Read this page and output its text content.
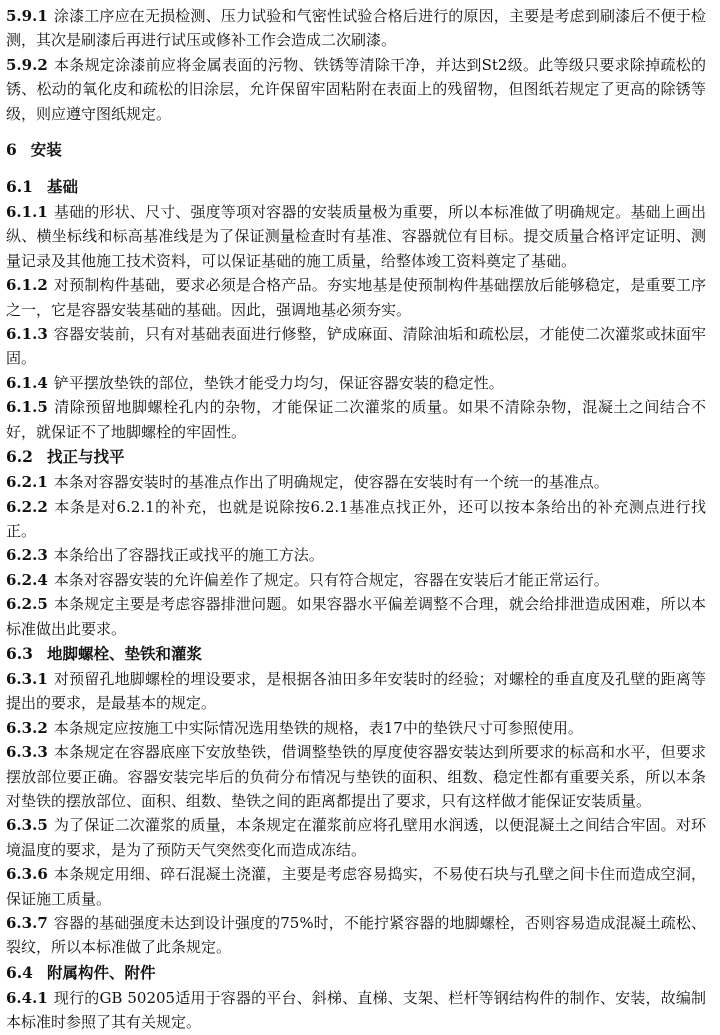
5.9.1 涂漆工序应在无损检测、压力试验和气密性试验合格后进行的原因，主要是考虑到刷漆后不便于检测，其次是刷漆后再进行试压或修补工作会造成二次刷漆。
5.9.2 本条规定涂漆前应将金属表面的污物、铁锈等清除干净，并达到St2级。此等级只要求除掉疏松的锈、松动的氧化皮和疏松的旧涂层，允许保留牢固粘附在表面上的残留物，但图纸若规定了更高的除锈等级，则应遵守图纸规定。
6 安装
6.1 基础
6.1.1 基础的形状、尺寸、强度等项对容器的安装质量极为重要，所以本标准做了明确规定。基础上画出纵、横坐标线和标高基准线是为了保证测量检查时有基准、容器就位有目标。提交质量合格评定证明、测量记录及其他施工技术资料，可以保证基础的施工质量，给整体竣工资料奠定了基础。
6.1.2 对预制构件基础，要求必须是合格产品。夯实地基是使预制构件基础摆放后能够稳定，是重要工序之一，它是容器安装基础的基础。因此，强调地基必须夯实。
6.1.3 容器安装前，只有对基础表面进行修整，铲成麻面、清除油垢和疏松层，才能使二次灌浆或抹面牢固。
6.1.4 铲平摆放垫铁的部位，垫铁才能受力均匀，保证容器安装的稳定性。
6.1.5 清除预留地脚螺栓孔内的杂物，才能保证二次灌浆的质量。如果不清除杂物，混凝土之间结合不好，就保证不了地脚螺栓的牢固性。
6.2 找正与找平
6.2.1 本条对容器安装时的基准点作出了明确规定，使容器在安装时有一个统一的基准点。
6.2.2 本条是对6.2.1的补充，也就是说除按6.2.1基准点找正外，还可以按本条给出的补充测点进行找正。
6.2.3 本条给出了容器找正或找平的施工方法。
6.2.4 本条对容器安装的允许偏差作了规定。只有符合规定，容器在安装后才能正常运行。
6.2.5 本条规定主要是考虑容器排泄问题。如果容器水平偏差调整不合理，就会给排泄造成困难，所以本标准做出此要求。
6.3 地脚螺栓、垫铁和灌浆
6.3.1 对预留孔地脚螺栓的埋设要求，是根据各油田多年安装时的经验；对螺栓的垂直度及孔壁的距离等提出的要求，是最基本的规定。
6.3.2 本条规定应按施工中实际情况选用垫铁的规格，表17中的垫铁尺寸可参照使用。
6.3.3 本条规定在容器底座下安放垫铁，借调整垫铁的厚度使容器安装达到所要求的标高和水平，但要求摆放部位要正确。容器安装完毕后的负荷分布情况与垫铁的面积、组数、稳定性都有重要关系，所以本条对垫铁的摆放部位、面积、组数、垫铁之间的距离都提出了要求，只有这样做才能保证安装质量。
6.3.5 为了保证二次灌浆的质量，本条规定在灌浆前应将孔壁用水润透，以便混凝土之间结合牢固。对环境温度的要求，是为了预防天气突然变化而造成冻结。
6.3.6 本条规定用细、碎石混凝土浇灌，主要是考虑容易捣实，不易使石块与孔壁之间卡住而造成空洞，保证施工质量。
6.3.7 容器的基础强度未达到设计强度的75%时，不能拧紧容器的地脚螺栓，否则容易造成混凝土疏松、裂纹，所以本标准做了此条规定。
6.4 附属构件、附件
6.4.1 现行的GB 50205适用于容器的平台、斜梯、直梯、支架、栏杆等钢结构件的制作、安装，故编制本标准时参照了其有关规定。
